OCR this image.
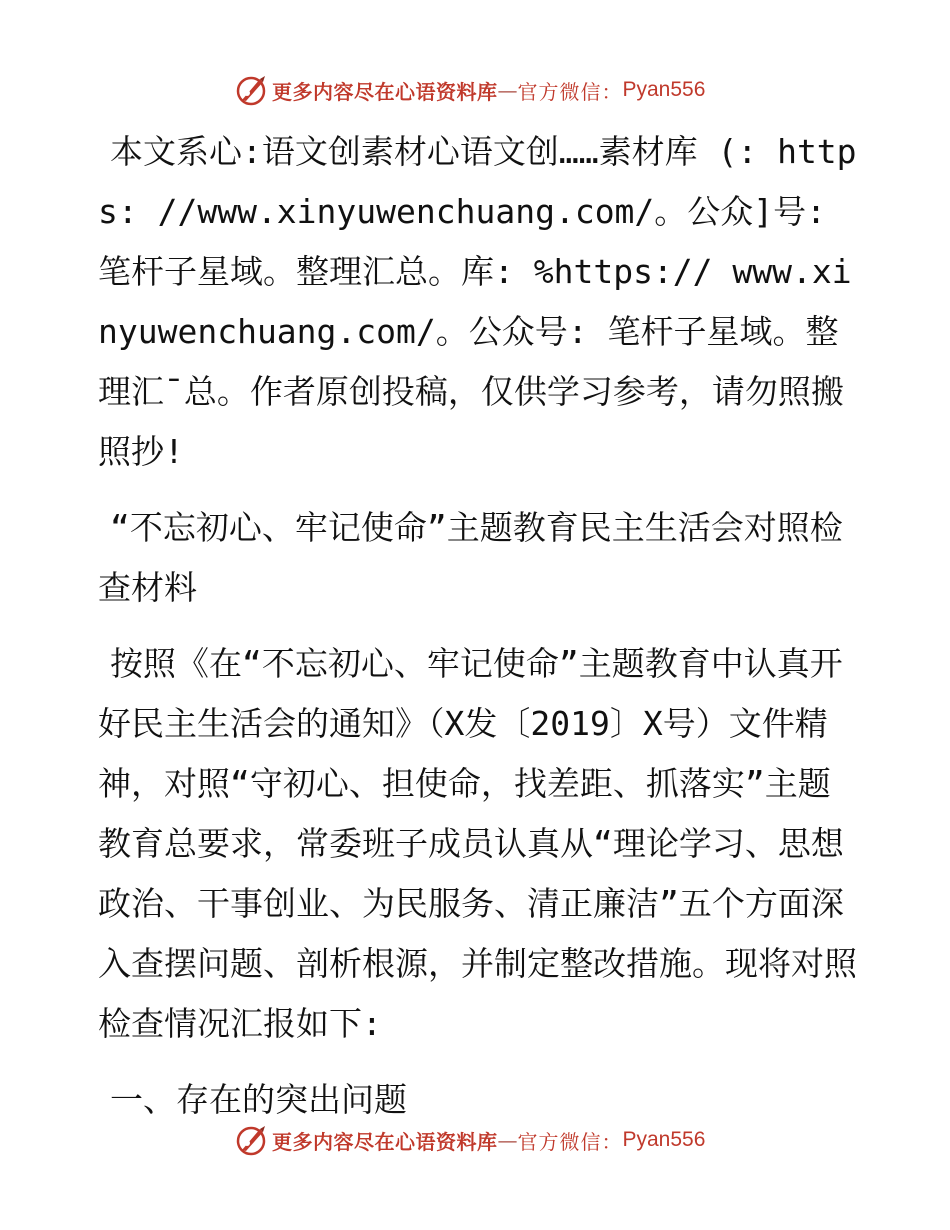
更多内容尽在心语资料库 — 官方微信： Pyan556

本文系心:语文创素材心语文创……素材库 (: https: //www.xinyuwenchuang.com/。公众]号: 笔杆子星域。整理汇总。库: %https:// www.xinyuwenchuang.com/。公众号: 笔杆子星域。整理汇¯总。作者原创投稿，仅供学习参考，请勿照搬照抄!

“不忘初心、牢记使命”主题教育民主生活会对照检查材料

按照《在“不忘初心、牢记使命”主题教育中认真开好民主生活会的通知》（X发〔2019〕X号）文件精神，对照“守初心、担使命，找差距、抓落实”主题教育总要求，常委班子成员认真从“理论学习、思想政治、干事创业、为民服务、清正廉洁”五个方面深入查摆问题、剖析根源，并制定整改措施。现将对照检查情况汇报如下:

一、存在的突出问题

更多内容尽在心语资料库 — 官方微信： Pyan556
